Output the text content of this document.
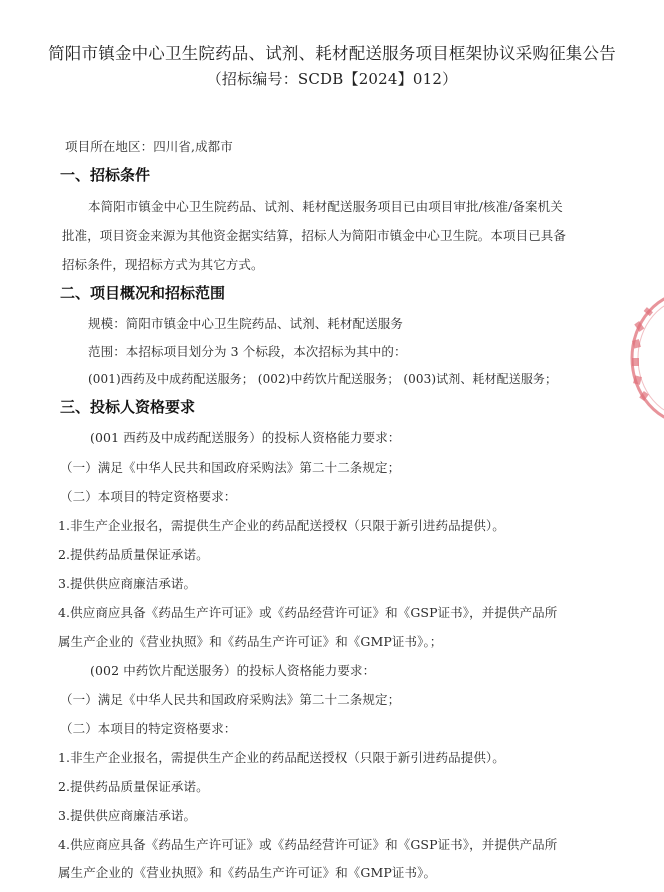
简阳市镇金中心卫生院药品、试剂、耗材配送服务项目框架协议采购征集公告
（招标编号：SCDB【2024】012）
项目所在地区：四川省,成都市
一、招标条件
本简阳市镇金中心卫生院药品、试剂、耗材配送服务项目已由项目审批/核准/备案机关
批准，项目资金来源为其他资金据实结算，招标人为简阳市镇金中心卫生院。本项目已具备
招标条件，现招标方式为其它方式。
二、项目概况和招标范围
规模：简阳市镇金中心卫生院药品、试剂、耗材配送服务
范围：本招标项目划分为 3 个标段，本次招标为其中的：
(001)西药及中成药配送服务； (002)中药饮片配送服务； (003)试剂、耗材配送服务；
三、投标人资格要求
(001 西药及中成药配送服务）的投标人资格能力要求：
（一）满足《中华人民共和国政府采购法》第二十二条规定；
（二）本项目的特定资格要求：
1.非生产企业报名，需提供生产企业的药品配送授权（只限于新引进药品提供）。
2.提供药品质量保证承诺。
3.提供供应商廉洁承诺。
4.供应商应具备《药品生产许可证》或《药品经营许可证》和《GSP证书》，并提供产品所
属生产企业的《营业执照》和《药品生产许可证》和《GMP证书》。；
(002 中药饮片配送服务）的投标人资格能力要求：
（一）满足《中华人民共和国政府采购法》第二十二条规定；
（二）本项目的特定资格要求：
1.非生产企业报名，需提供生产企业的药品配送授权（只限于新引进药品提供）。
2.提供药品质量保证承诺。
3.提供供应商廉洁承诺。
4.供应商应具备《药品生产许可证》或《药品经营许可证》和《GSP证书》，并提供产品所
属生产企业的《营业执照》和《药品生产许可证》和《GMP证书》。
